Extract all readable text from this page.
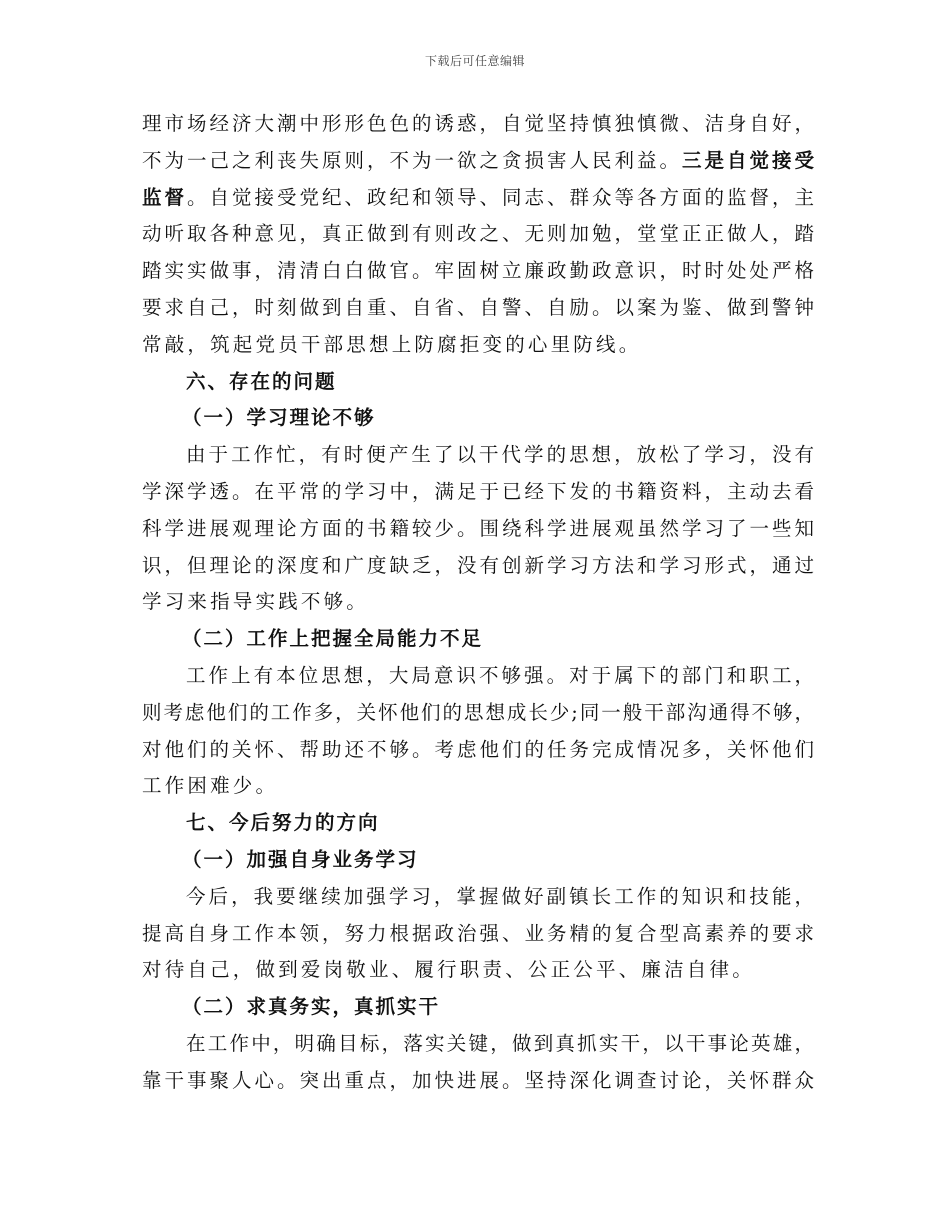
下载后可任意编辑
理市场经济大潮中形形色色的诱惑，自觉坚持慎独慎微、洁身自好，
不为一己之利丧失原则，不为一欲之贪损害人民利益。三是自觉接受
监督。自觉接受党纪、政纪和领导、同志、群众等各方面的监督，主
动听取各种意见，真正做到有则改之、无则加勉，堂堂正正做人，踏
踏实实做事，清清白白做官。牢固树立廉政勤政意识，时时处处严格
要求自己，时刻做到自重、自省、自警、自励。以案为鉴、做到警钟
常敲，筑起党员干部思想上防腐拒变的心里防线。
六、存在的问题
（一）学习理论不够
由于工作忙，有时便产生了以干代学的思想，放松了学习，没有
学深学透。在平常的学习中，满足于已经下发的书籍资料，主动去看
科学进展观理论方面的书籍较少。围绕科学进展观虽然学习了一些知
识，但理论的深度和广度缺乏，没有创新学习方法和学习形式，通过
学习来指导实践不够。
（二）工作上把握全局能力不足
工作上有本位思想，大局意识不够强。对于属下的部门和职工，
则考虑他们的工作多，关怀他们的思想成长少;同一般干部沟通得不够，
对他们的关怀、帮助还不够。考虑他们的任务完成情况多，关怀他们
工作困难少。
七、今后努力的方向
（一）加强自身业务学习
今后，我要继续加强学习，掌握做好副镇长工作的知识和技能，
提高自身工作本领，努力根据政治强、业务精的复合型高素养的要求
对待自己，做到爱岗敬业、履行职责、公正公平、廉洁自律。
（二）求真务实，真抓实干
在工作中，明确目标，落实关键，做到真抓实干，以干事论英雄，
靠干事聚人心。突出重点，加快进展。坚持深化调查讨论，关怀群众
